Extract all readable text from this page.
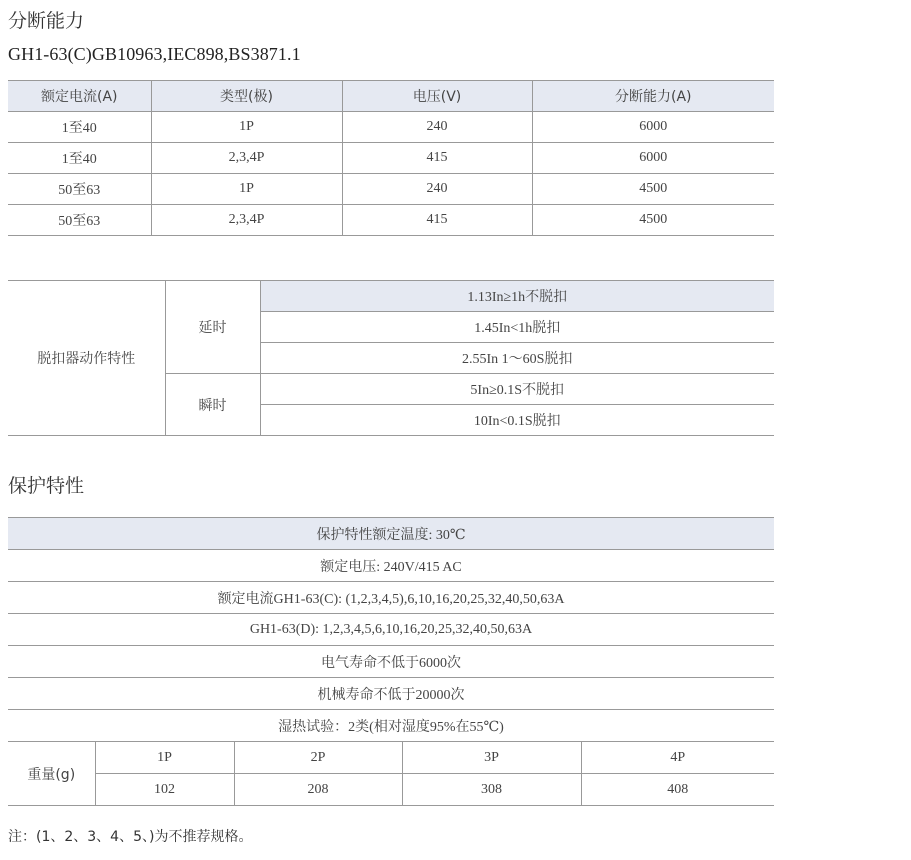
分断能力
GH1-63(C)GB10963,IEC898,BS3871.1
额定电流(A)	类型(极)	电压(V)	分断能力(A)
1至40	1P	240	6000
1至40	2,3,4P	415	6000
50至63	1P	240	4500
50至63	2,3,4P	415	4500
脱扣器动作特性	延时	1.13In≥1h不脱扣
		1.45In<1h脱扣
		2.55In 1～60S脱扣
	瞬时	5In≥0.1S不脱扣
		10In<0.1S脱扣
保护特性
保护特性额定温度: 30℃				
额定电压: 240V/415 AC				
额定电流GH1-63(C): (1,2,3,4,5),6,10,16,20,25,32,40,50,63A				
GH1-63(D): 1,2,3,4,5,6,10,16,20,25,32,40,50,63A				
电气寿命不低于6000次				
机械寿命不低于20000次				
湿热试验：2类(相对湿度95%在55℃)				
重量(g)	1P	2P	3P	4P
	102	208	308	408
注：(1、2、3、4、5、)为不推荐规格。
